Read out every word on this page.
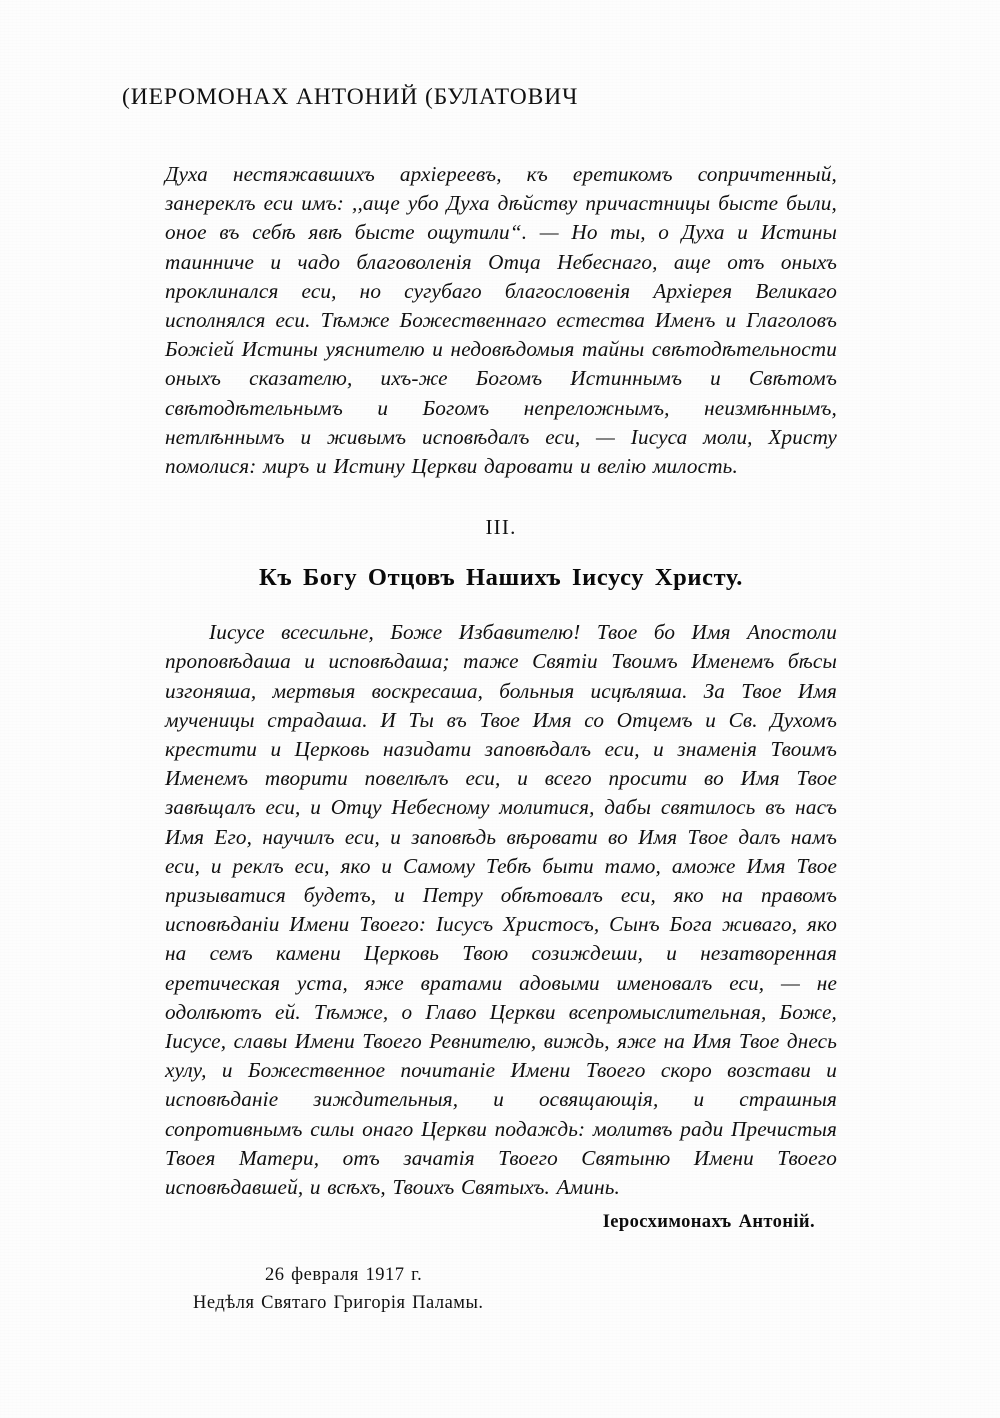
(ИЕРОМОНАХ АНТОНИЙ (БУЛАТОВИЧ

Духа нестяжавшихъ архіереевъ, къ еретикомъ сопричтенный, занереклъ еси имъ: ,,аще убо Духа дѣйству причастницы бысте были, оное въ себѣ явѣ бысте ощутили“. — Но ты, о Духа и Истины таинниче и чадо благоволенія Отца Небеснаго, аще отъ оныхъ проклинался еси, но сугубаго благословенія Архіерея Великаго исполнялся еси. Тѣмже Божественнаго естества Именъ и Глаголовъ Божіей Истины уяснителю и недовѣдомыя тайны свѣтодѣтельности оныхъ сказателю, ихъ-же Богомъ Истиннымъ и Свѣтомъ свѣтодѣтельнымъ и Богомъ непреложнымъ, неизмѣннымъ, нетлѣннымъ и живымъ исповѣдалъ еси, — Іисуса моли, Христу помолися: миръ и Истину Церкви даровати и велію милость.

III.
Къ Богу Отцовъ Нашихъ Іисусу Христу.

Іисусе всесильне, Боже Избавителю! Твое бо Имя Апостоли проповѣдаша и исповѣдаша; таже Святіи Твоимъ Именемъ бѣсы изгоняша, мертвыя воскресаша, больныя исцѣляша. За Твое Имя мученицы страдаша. И Ты въ Твое Имя со Отцемъ и Св. Духомъ крестити и Церковь назидати заповѣдалъ еси, и знаменія Твоимъ Именемъ творити повелѣлъ еси, и всего просити во Имя Твое завѣщалъ еси, и Отцу Небесному молитися, дабы святилось въ насъ Имя Его, научилъ еси, и заповѣдь вѣровати во Имя Твое далъ намъ еси, и реклъ еси, яко и Самому Тебѣ быти тамо, аможе Имя Твое призыватися будетъ, и Петру обѣтовалъ еси, яко на правомъ исповѣданіи Имени Твоего: Іисусъ Христосъ, Сынъ Бога живаго, яко на семъ камени Церковь Твою созиждеши, и незатворенная еретическая уста, яже вратами адовыми именовалъ еси, — не одолѣютъ ей. Тѣмже, о Главо Церкви всепромыслительная, Боже, Іисусе, славы Имени Твоего Ревнителю, виждь, яже на Имя Твое днесь хулу, и Божественное почитаніе Имени Твоего скоро возстави и исповѣданіе зиждительныя, и освящающія, и страшныя сопротивнымъ силы онаго Церкви подаждь: молитвъ ради Пречистыя Твоея Матери, отъ зачатія Твоего Святыню Имени Твоего исповѣдавшей, и всѣхъ, Твоихъ Святыхъ. Аминь.

Іеросхимонахъ Антоній.
26 февраля 1917 г.
Недѣля Святаго Григорія Паламы.
